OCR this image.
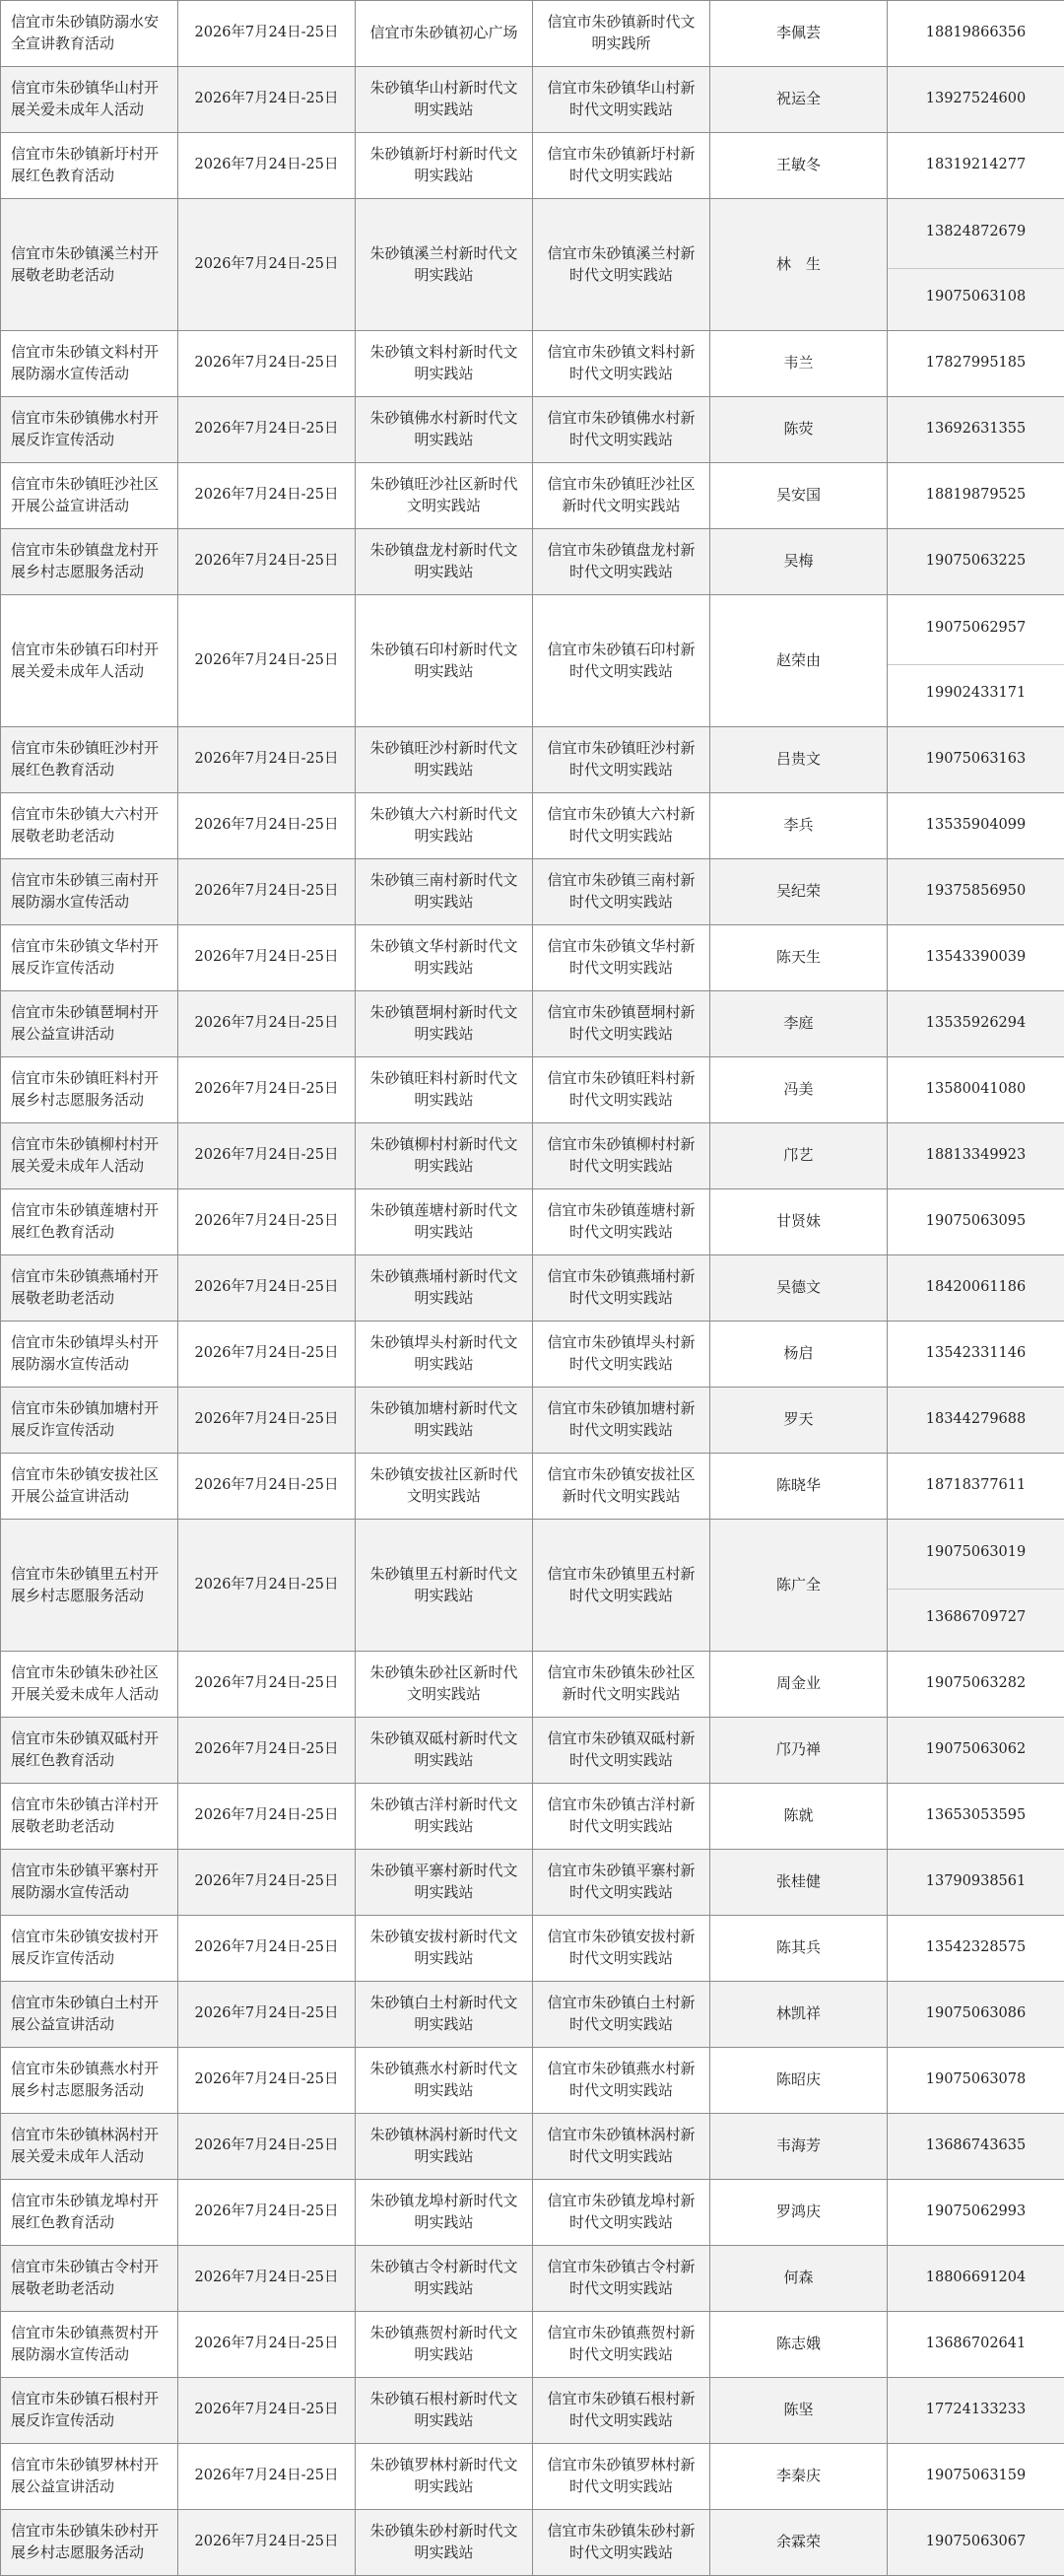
信宜市朱砂镇防溺水安全宣讲教育活动	2026年7月24日-25日	信宜市朱砂镇初心广场	信宜市朱砂镇新时代文明实践所	李佩芸	18819866356

信宜市朱砂镇华山村开展关爱未成年人活动	2026年7月24日-25日	朱砂镇华山村新时代文明实践站	信宜市朱砂镇华山村新时代文明实践站	祝运全	13927524600

信宜市朱砂镇新圩村开展红色教育活动	2026年7月24日-25日	朱砂镇新圩村新时代文明实践站	信宜市朱砂镇新圩村新时代文明实践站	王敏冬	18319214277

信宜市朱砂镇溪兰村开展敬老助老活动	2026年7月24日-25日	朱砂镇溪兰村新时代文明实践站	信宜市朱砂镇溪兰村新时代文明实践站	林　生	13824872679
19075063108

信宜市朱砂镇文料村开展防溺水宣传活动	2026年7月24日-25日	朱砂镇文料村新时代文明实践站	信宜市朱砂镇文料村新时代文明实践站	韦兰	17827995185

信宜市朱砂镇佛水村开展反诈宣传活动	2026年7月24日-25日	朱砂镇佛水村新时代文明实践站	信宜市朱砂镇佛水村新时代文明实践站	陈荧	13692631355

信宜市朱砂镇旺沙社区开展公益宣讲活动	2026年7月24日-25日	朱砂镇旺沙社区新时代文明实践站	信宜市朱砂镇旺沙社区新时代文明实践站	吴安国	18819879525

信宜市朱砂镇盘龙村开展乡村志愿服务活动	2026年7月24日-25日	朱砂镇盘龙村新时代文明实践站	信宜市朱砂镇盘龙村新时代文明实践站	吴梅	19075063225

信宜市朱砂镇石印村开展关爱未成年人活动	2026年7月24日-25日	朱砂镇石印村新时代文明实践站	信宜市朱砂镇石印村新时代文明实践站	赵荣由	19075062957
19902433171

信宜市朱砂镇旺沙村开展红色教育活动	2026年7月24日-25日	朱砂镇旺沙村新时代文明实践站	信宜市朱砂镇旺沙村新时代文明实践站	吕贵文	19075063163

信宜市朱砂镇大六村开展敬老助老活动	2026年7月24日-25日	朱砂镇大六村新时代文明实践站	信宜市朱砂镇大六村新时代文明实践站	李兵	13535904099

信宜市朱砂镇三南村开展防溺水宣传活动	2026年7月24日-25日	朱砂镇三南村新时代文明实践站	信宜市朱砂镇三南村新时代文明实践站	吴纪荣	19375856950

信宜市朱砂镇文华村开展反诈宣传活动	2026年7月24日-25日	朱砂镇文华村新时代文明实践站	信宜市朱砂镇文华村新时代文明实践站	陈天生	13543390039

信宜市朱砂镇琶垌村开展公益宣讲活动	2026年7月24日-25日	朱砂镇琶垌村新时代文明实践站	信宜市朱砂镇琶垌村新时代文明实践站	李庭	13535926294

信宜市朱砂镇旺料村开展乡村志愿服务活动	2026年7月24日-25日	朱砂镇旺料村新时代文明实践站	信宜市朱砂镇旺料村新时代文明实践站	冯美	13580041080

信宜市朱砂镇柳村村开展关爱未成年人活动	2026年7月24日-25日	朱砂镇柳村村新时代文明实践站	信宜市朱砂镇柳村村新时代文明实践站	邝艺	18813349923

信宜市朱砂镇莲塘村开展红色教育活动	2026年7月24日-25日	朱砂镇莲塘村新时代文明实践站	信宜市朱砂镇莲塘村新时代文明实践站	甘贤妹	19075063095

信宜市朱砂镇燕埇村开展敬老助老活动	2026年7月24日-25日	朱砂镇燕埇村新时代文明实践站	信宜市朱砂镇燕埇村新时代文明实践站	吴德文	18420061186

信宜市朱砂镇垾头村开展防溺水宣传活动	2026年7月24日-25日	朱砂镇垾头村新时代文明实践站	信宜市朱砂镇垾头村新时代文明实践站	杨启	13542331146

信宜市朱砂镇加塘村开展反诈宣传活动	2026年7月24日-25日	朱砂镇加塘村新时代文明实践站	信宜市朱砂镇加塘村新时代文明实践站	罗天	18344279688

信宜市朱砂镇安拔社区开展公益宣讲活动	2026年7月24日-25日	朱砂镇安拔社区新时代文明实践站	信宜市朱砂镇安拔社区新时代文明实践站	陈晓华	18718377611

信宜市朱砂镇里五村开展乡村志愿服务活动	2026年7月24日-25日	朱砂镇里五村新时代文明实践站	信宜市朱砂镇里五村新时代文明实践站	陈广全	19075063019
13686709727

信宜市朱砂镇朱砂社区开展关爱未成年人活动	2026年7月24日-25日	朱砂镇朱砂社区新时代文明实践站	信宜市朱砂镇朱砂社区新时代文明实践站	周金业	19075063282

信宜市朱砂镇双砥村开展红色教育活动	2026年7月24日-25日	朱砂镇双砥村新时代文明实践站	信宜市朱砂镇双砥村新时代文明实践站	邝乃禅	19075063062

信宜市朱砂镇古洋村开展敬老助老活动	2026年7月24日-25日	朱砂镇古洋村新时代文明实践站	信宜市朱砂镇古洋村新时代文明实践站	陈就	13653053595

信宜市朱砂镇平寨村开展防溺水宣传活动	2026年7月24日-25日	朱砂镇平寨村新时代文明实践站	信宜市朱砂镇平寨村新时代文明实践站	张桂健	13790938561

信宜市朱砂镇安拔村开展反诈宣传活动	2026年7月24日-25日	朱砂镇安拔村新时代文明实践站	信宜市朱砂镇安拔村新时代文明实践站	陈其兵	13542328575

信宜市朱砂镇白土村开展公益宣讲活动	2026年7月24日-25日	朱砂镇白土村新时代文明实践站	信宜市朱砂镇白土村新时代文明实践站	林凯祥	19075063086

信宜市朱砂镇燕水村开展乡村志愿服务活动	2026年7月24日-25日	朱砂镇燕水村新时代文明实践站	信宜市朱砂镇燕水村新时代文明实践站	陈昭庆	19075063078

信宜市朱砂镇林涡村开展关爱未成年人活动	2026年7月24日-25日	朱砂镇林涡村新时代文明实践站	信宜市朱砂镇林涡村新时代文明实践站	韦海芳	13686743635

信宜市朱砂镇龙埠村开展红色教育活动	2026年7月24日-25日	朱砂镇龙埠村新时代文明实践站	信宜市朱砂镇龙埠村新时代文明实践站	罗鸿庆	19075062993

信宜市朱砂镇古令村开展敬老助老活动	2026年7月24日-25日	朱砂镇古令村新时代文明实践站	信宜市朱砂镇古令村新时代文明实践站	何森	18806691204

信宜市朱砂镇燕贺村开展防溺水宣传活动	2026年7月24日-25日	朱砂镇燕贺村新时代文明实践站	信宜市朱砂镇燕贺村新时代文明实践站	陈志娥	13686702641

信宜市朱砂镇石根村开展反诈宣传活动	2026年7月24日-25日	朱砂镇石根村新时代文明实践站	信宜市朱砂镇石根村新时代文明实践站	陈坚	17724133233

信宜市朱砂镇罗林村开展公益宣讲活动	2026年7月24日-25日	朱砂镇罗林村新时代文明实践站	信宜市朱砂镇罗林村新时代文明实践站	李秦庆	19075063159

信宜市朱砂镇朱砂村开展乡村志愿服务活动	2026年7月24日-25日	朱砂镇朱砂村新时代文明实践站	信宜市朱砂镇朱砂村新时代文明实践站	余霖荣	19075063067
